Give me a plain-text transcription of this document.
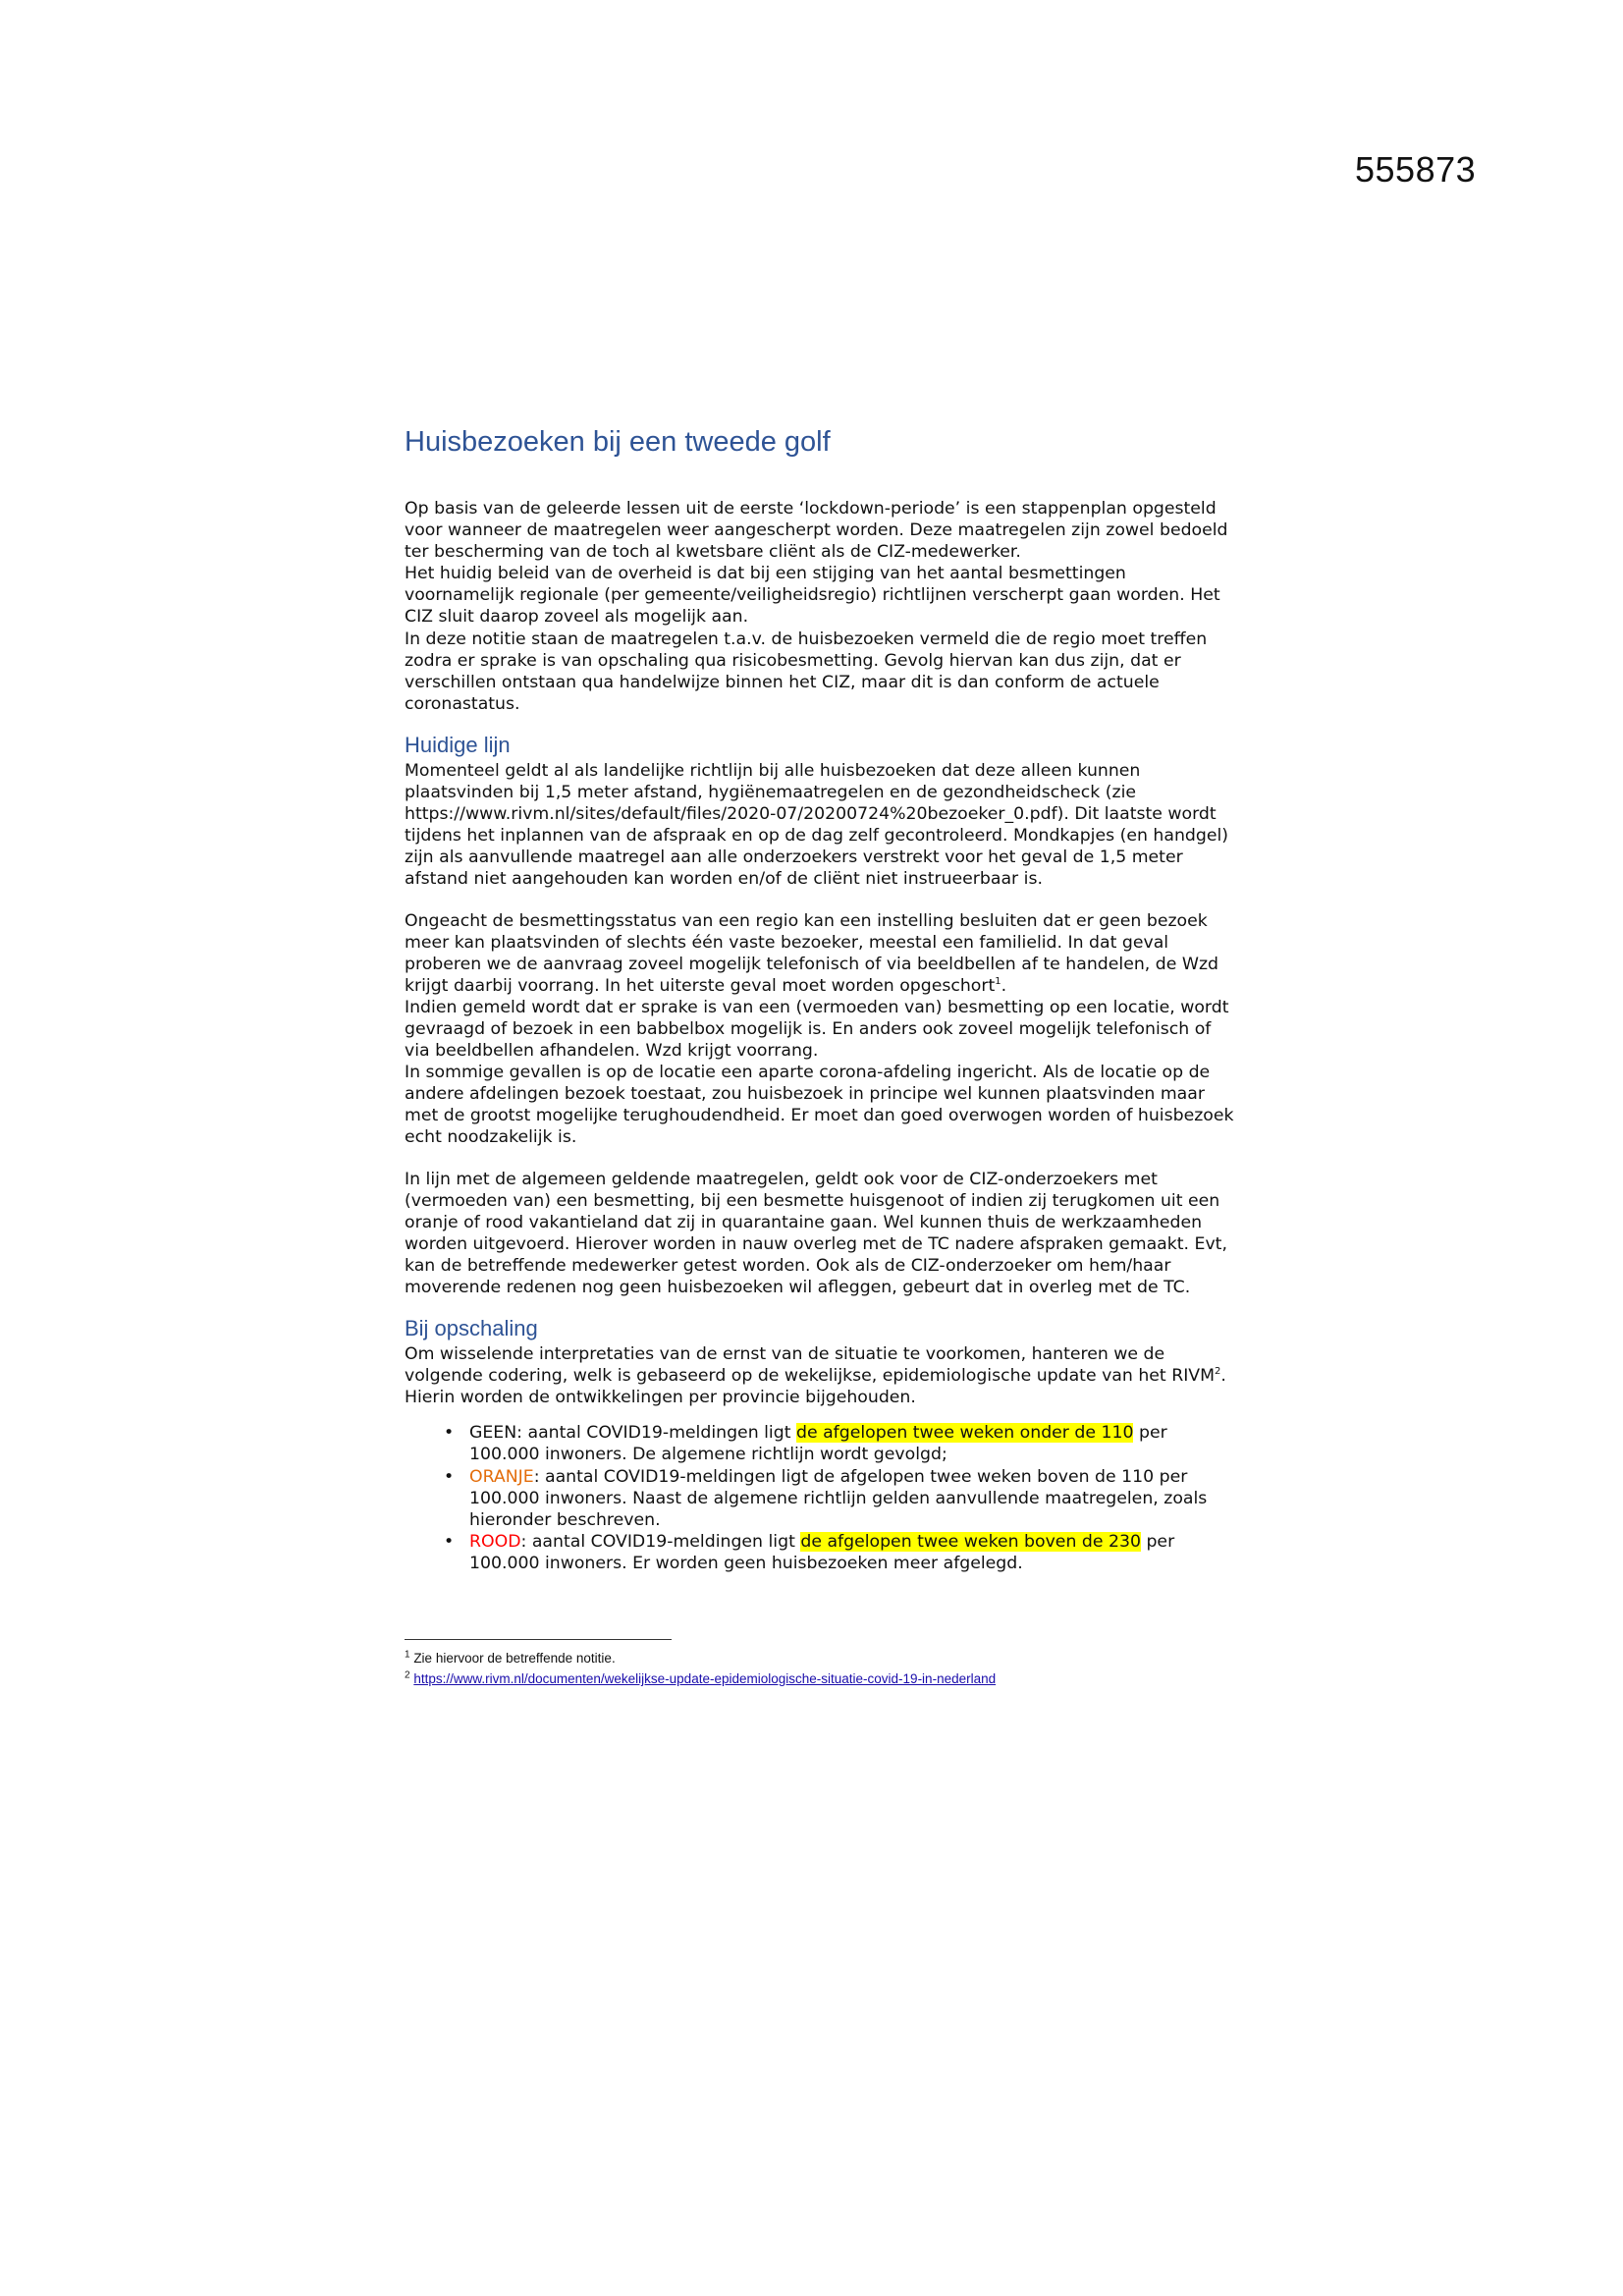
555873
Huisbezoeken bij een tweede golf

Op basis van de geleerde lessen uit de eerste ‘lockdown-periode’ is een stappenplan opgesteld voor wanneer de maatregelen weer aangescherpt worden. Deze maatregelen zijn zowel bedoeld ter bescherming van de toch al kwetsbare cliënt als de CIZ-medewerker.

Het huidig beleid van de overheid is dat bij een stijging van het aantal besmettingen voornamelijk regionale (per gemeente/veiligheidsregio) richtlijnen verscherpt gaan worden. Het CIZ sluit daarop zoveel als mogelijk aan.

In deze notitie staan de maatregelen t.a.v. de huisbezoeken vermeld die de regio moet treffen zodra er sprake is van opschaling qua risicobesmetting. Gevolg hiervan kan dus zijn, dat er verschillen ontstaan qua handelwijze binnen het CIZ, maar dit is dan conform de actuele coronastatus.

Huidige lijn

Momenteel geldt al als landelijke richtlijn bij alle huisbezoeken dat deze alleen kunnen plaatsvinden bij 1,5 meter afstand, hygiënemaatregelen en de gezondheidscheck (zie https://www.rivm.nl/sites/default/files/2020-07/20200724%20bezoeker_0.pdf). Dit laatste wordt tijdens het inplannen van de afspraak en op de dag zelf gecontroleerd. Mondkapjes (en handgel) zijn als aanvullende maatregel aan alle onderzoekers verstrekt voor het geval de 1,5 meter afstand niet aangehouden kan worden en/of de cliënt niet instrueerbaar is.

Ongeacht de besmettingsstatus van een regio kan een instelling besluiten dat er geen bezoek meer kan plaatsvinden of slechts één vaste bezoeker, meestal een familielid. In dat geval proberen we de aanvraag zoveel mogelijk telefonisch of via beeldbellen af te handelen, de Wzd krijgt daarbij voorrang. In het uiterste geval moet worden opgeschort$^1$.

Indien gemeld wordt dat er sprake is van een (vermoeden van) besmetting op een locatie, wordt gevraagd of bezoek in een babbelbox mogelijk is. En anders ook zoveel mogelijk telefonisch of via beeldbellen afhandelen. Wzd krijgt voorrang.

In sommige gevallen is op de locatie een aparte corona-afdeling ingericht. Als de locatie op de andere afdelingen bezoek toestaat, zou huisbezoek in principe wel kunnen plaatsvinden maar met de grootst mogelijke terughoudendheid. Er moet dan goed overwogen worden of huisbezoek echt noodzakelijk is.

In lijn met de algemeen geldende maatregelen, geldt ook voor de CIZ-onderzoekers met (vermoeden van) een besmetting, bij een besmette huisgenoot of indien zij terugkomen uit een oranje of rood vakantieland dat zij in quarantaine gaan. Wel kunnen thuis de werkzaamheden worden uitgevoerd. Hierover worden in nauw overleg met de TC nadere afspraken gemaakt. Evt, kan de betreffende medewerker getest worden. Ook als de CIZ-onderzoeker om hem/haar moverende redenen nog geen huisbezoeken wil afleggen, gebeurt dat in overleg met de TC.

Bij opschaling

Om wisselende interpretaties van de ernst van de situatie te voorkomen, hanteren we de volgende codering, welk is gebaseerd op de wekelijkse, epidemiologische update van het RIVM$^2$. Hierin worden de ontwikkelingen per provincie bijgehouden.

• GEEN: aantal COVID19-meldingen ligt de afgelopen twee weken onder de 110 per 100.000 inwoners. De algemene richtlijn wordt gevolgd;
• ORANJE: aantal COVID19-meldingen ligt de afgelopen twee weken boven de 110 per 100.000 inwoners. Naast de algemene richtlijn gelden aanvullende maatregelen, zoals hieronder beschreven.
• ROOD: aantal COVID19-meldingen ligt de afgelopen twee weken boven de 230 per 100.000 inwoners. Er worden geen huisbezoeken meer afgelegd.
$^1$ Zie hiervoor de betreffende notitie.
$^2$ https://www.rivm.nl/documenten/wekelijkse-update-epidemiologische-situatie-covid-19-in-nederland
